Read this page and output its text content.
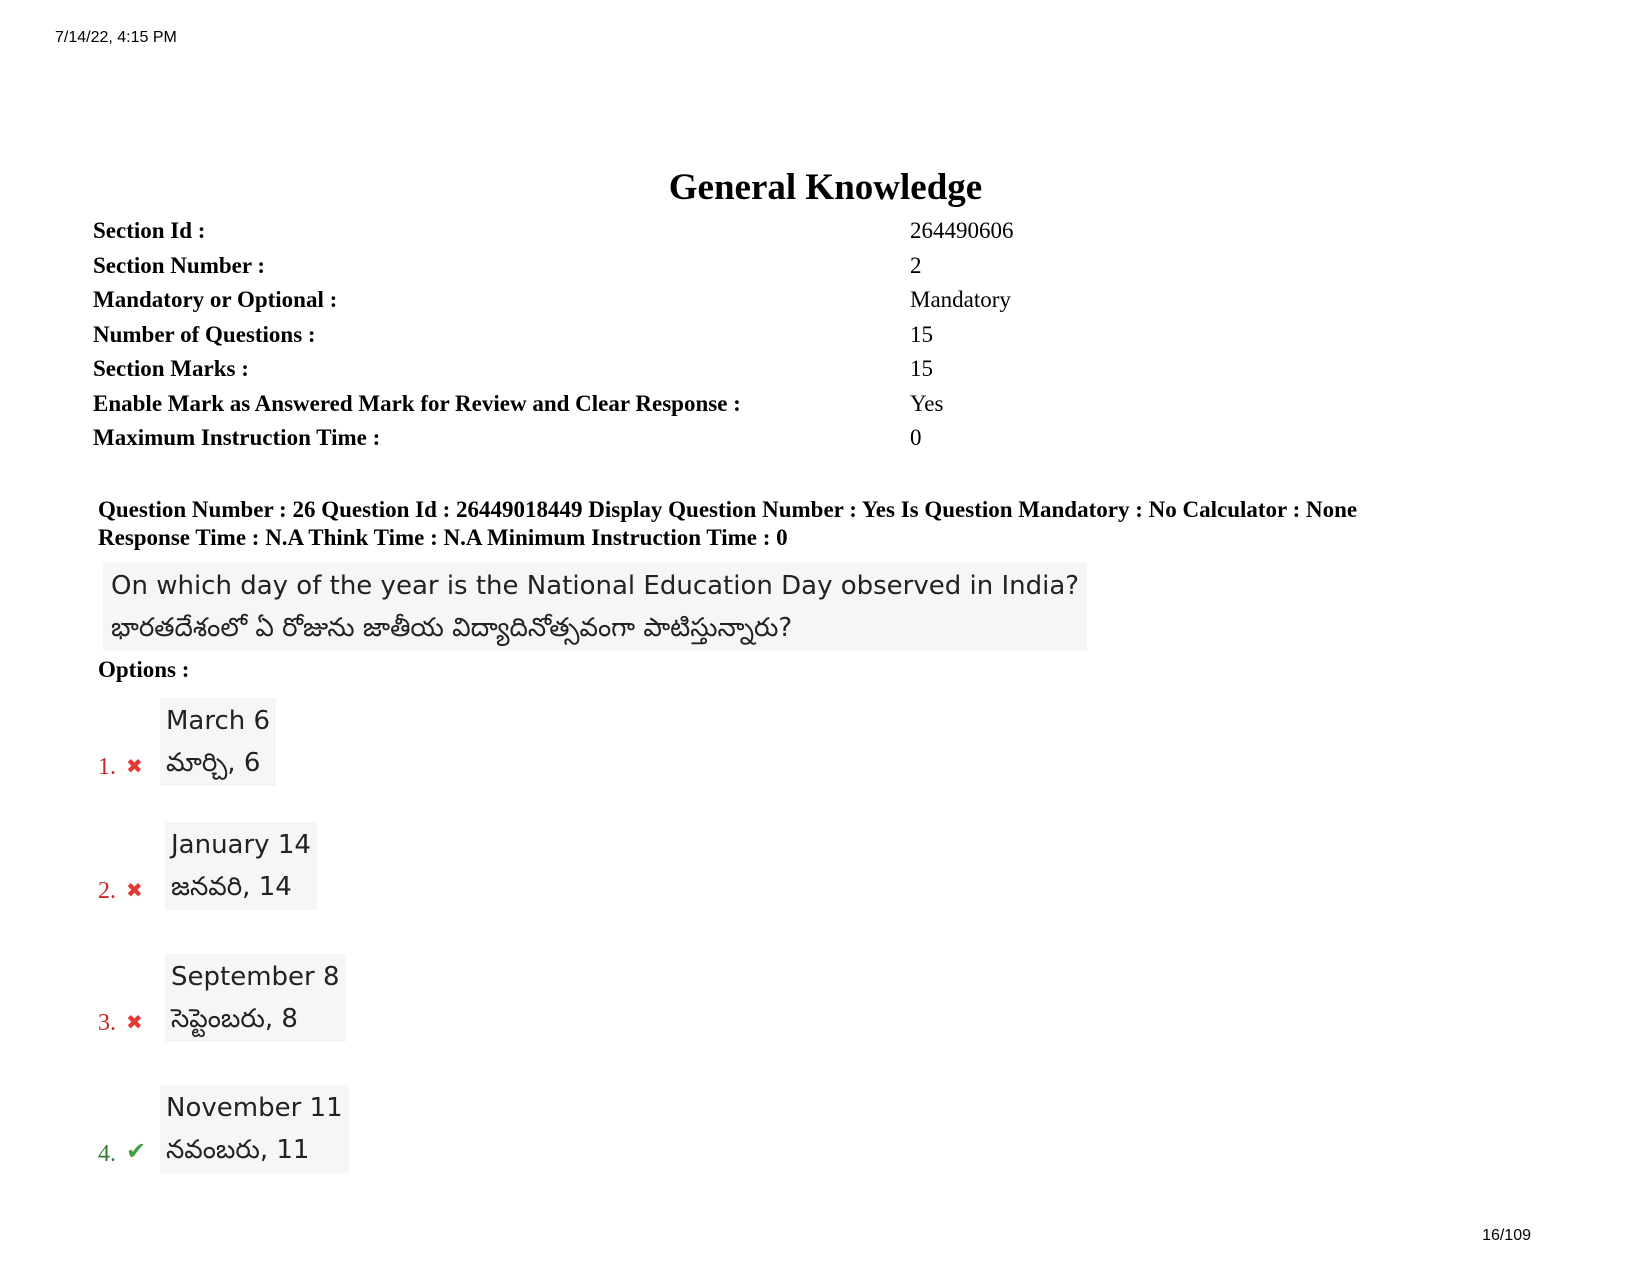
7/14/22, 4:15 PM
General Knowledge
Section Id :	264490606
Section Number :	2
Mandatory or Optional :	Mandatory
Number of Questions :	15
Section Marks :	15
Enable Mark as Answered Mark for Review and Clear Response :	Yes
Maximum Instruction Time :	0
Question Number : 26 Question Id : 26449018449 Display Question Number : Yes Is Question Mandatory : No Calculator : None
Response Time : N.A Think Time : N.A Minimum Instruction Time : 0
On which day of the year is the National Education Day observed in India?
భారతదేశంలో ఏ రోజును జాతీయ విద్యాదినోత్సవంగా పాటిస్తున్నారు?
Options :
1. ✖
March 6
మార్చి, 6
2. ✖
January 14
జనవరి, 14
3. ✖
September 8
సెప్టెంబరు, 8
4. ✔
November 11
నవంబరు, 11
16/109
